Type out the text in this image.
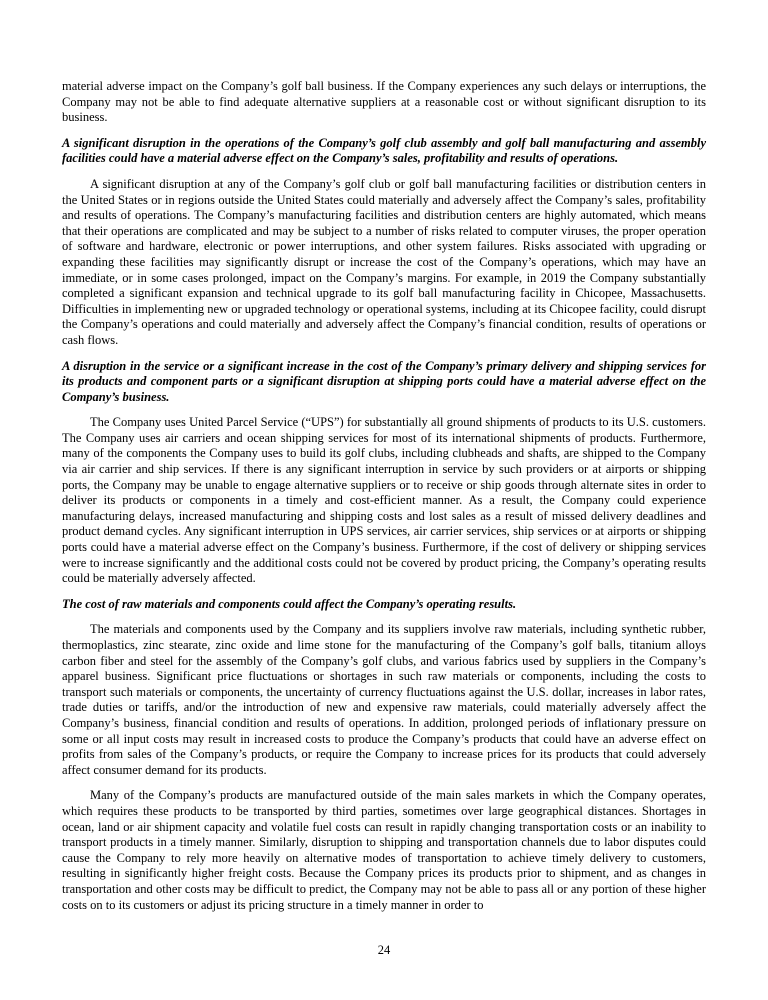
material adverse impact on the Company’s golf ball business. If the Company experiences any such delays or interruptions, the Company may not be able to find adequate alternative suppliers at a reasonable cost or without significant disruption to its business.

A significant disruption in the operations of the Company’s golf club assembly and golf ball manufacturing and assembly facilities could have a material adverse effect on the Company’s sales, profitability and results of operations.

A significant disruption at any of the Company’s golf club or golf ball manufacturing facilities or distribution centers in the United States or in regions outside the United States could materially and adversely affect the Company’s sales, profitability and results of operations. The Company’s manufacturing facilities and distribution centers are highly automated, which means that their operations are complicated and may be subject to a number of risks related to computer viruses, the proper operation of software and hardware, electronic or power interruptions, and other system failures. Risks associated with upgrading or expanding these facilities may significantly disrupt or increase the cost of the Company’s operations, which may have an immediate, or in some cases prolonged, impact on the Company’s margins. For example, in 2019 the Company substantially completed a significant expansion and technical upgrade to its golf ball manufacturing facility in Chicopee, Massachusetts. Difficulties in implementing new or upgraded technology or operational systems, including at its Chicopee facility, could disrupt the Company’s operations and could materially and adversely affect the Company’s financial condition, results of operations or cash flows.

A disruption in the service or a significant increase in the cost of the Company’s primary delivery and shipping services for its products and component parts or a significant disruption at shipping ports could have a material adverse effect on the Company’s business.

The Company uses United Parcel Service (“UPS”) for substantially all ground shipments of products to its U.S. customers. The Company uses air carriers and ocean shipping services for most of its international shipments of products. Furthermore, many of the components the Company uses to build its golf clubs, including clubheads and shafts, are shipped to the Company via air carrier and ship services. If there is any significant interruption in service by such providers or at airports or shipping ports, the Company may be unable to engage alternative suppliers or to receive or ship goods through alternate sites in order to deliver its products or components in a timely and cost-efficient manner. As a result, the Company could experience manufacturing delays, increased manufacturing and shipping costs and lost sales as a result of missed delivery deadlines and product demand cycles. Any significant interruption in UPS services, air carrier services, ship services or at airports or shipping ports could have a material adverse effect on the Company’s business. Furthermore, if the cost of delivery or shipping services were to increase significantly and the additional costs could not be covered by product pricing, the Company’s operating results could be materially adversely affected.

The cost of raw materials and components could affect the Company’s operating results.

The materials and components used by the Company and its suppliers involve raw materials, including synthetic rubber, thermoplastics, zinc stearate, zinc oxide and lime stone for the manufacturing of the Company’s golf balls, titanium alloys carbon fiber and steel for the assembly of the Company’s golf clubs, and various fabrics used by suppliers in the Company’s apparel business. Significant price fluctuations or shortages in such raw materials or components, including the costs to transport such materials or components, the uncertainty of currency fluctuations against the U.S. dollar, increases in labor rates, trade duties or tariffs, and/or the introduction of new and expensive raw materials, could materially adversely affect the Company’s business, financial condition and results of operations. In addition, prolonged periods of inflationary pressure on some or all input costs may result in increased costs to produce the Company’s products that could have an adverse effect on profits from sales of the Company’s products, or require the Company to increase prices for its products that could adversely affect consumer demand for its products.

Many of the Company’s products are manufactured outside of the main sales markets in which the Company operates, which requires these products to be transported by third parties, sometimes over large geographical distances. Shortages in ocean, land or air shipment capacity and volatile fuel costs can result in rapidly changing transportation costs or an inability to transport products in a timely manner. Similarly, disruption to shipping and transportation channels due to labor disputes could cause the Company to rely more heavily on alternative modes of transportation to achieve timely delivery to customers, resulting in significantly higher freight costs. Because the Company prices its products prior to shipment, and as changes in transportation and other costs may be difficult to predict, the Company may not be able to pass all or any portion of these higher costs on to its customers or adjust its pricing structure in a timely manner in order to

24
